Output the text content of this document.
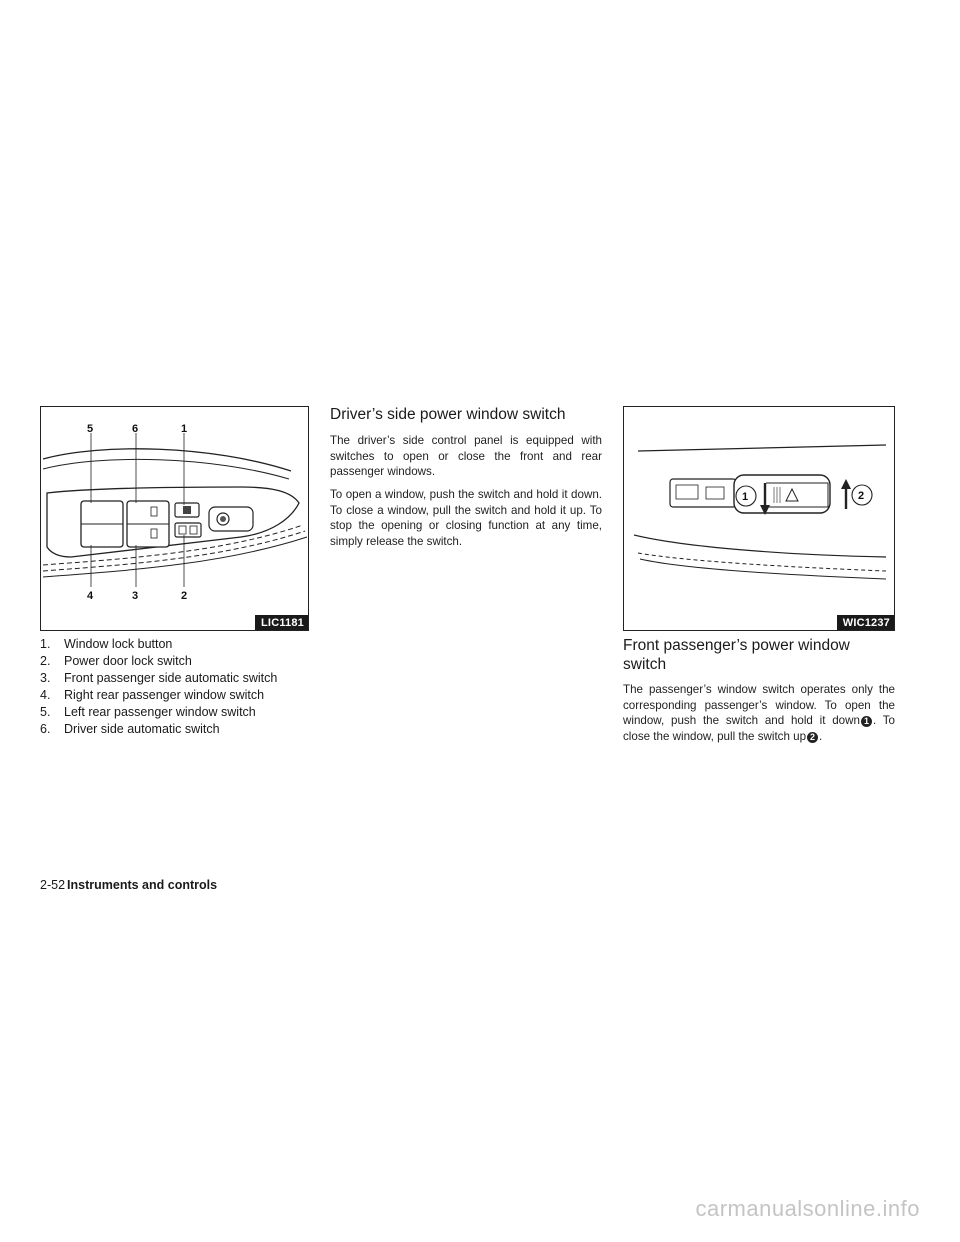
5	6	1
4	3	2
LIC1181
1.	Window lock button
2.	Power door lock switch
3.	Front passenger side automatic switch
4.	Right rear passenger window switch
5.	Left rear passenger window switch
6.	Driver side automatic switch
Driver’s side power window switch

The driver’s side control panel is equipped with switches to open or close the front and rear passenger windows.

To open a window, push the switch and hold it down. To close a window, pull the switch and hold it up. To stop the opening or closing function at any time, simply release the switch.

1	2
WIC1237
Front passenger’s power window
switch

The passenger’s window switch operates only the corresponding passenger’s window. To open the window, push the switch and hold it down 1 . To close the window, pull the switch up 2 .

2-52 Instruments and controls
carmanualsonline.info
